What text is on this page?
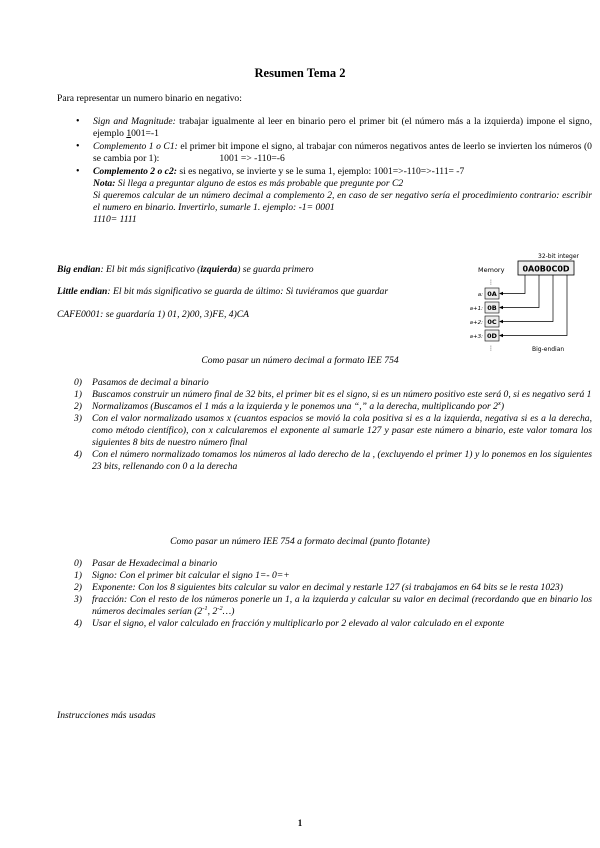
Resumen Tema 2
Para representar un numero binario en negativo:
• Sign and Magnitude: trabajar igualmente al leer en binario pero el primer bit (el número más a la izquierda) impone el signo, ejemplo 1001=-1
• Complemento 1 o C1: el primer bit impone el signo, al trabajar con números negativos antes de leerlo se invierten los números (0 se cambia por 1):	1001 => -110=-6
• Complemento 2 o c2: si es negativo, se invierte y se le suma 1, ejemplo: 1001=>-110=>-111= -7
Nota: Si llega a preguntar alguno de estos es más probable que pregunte por C2
Si queremos calcular de un número decimal a complemento 2, en caso de ser negativo sería el procedimiento contrario: escribir el numero en binario. Invertirlo, sumarle 1. ejemplo: -1= 0001
1110= 1111
Big endian: El bit más significativo (izquierda) se guarda primero
Little endian: El bit más significativo se guarda de último: Si tuviéramos que guardar
CAFE0001: se guardaría 1) 01, 2)00, 3)FE, 4)CA
32-bit integer
0A0B0C0D
Memory
⋮
0A
0B
0C
0D
a:
a+1:
a+2:
a+3:
⋮	Big-endian
Como pasar un número decimal a formato IEE 754
0) Pasamos de decimal a binario
1) Buscamos construir un número final de 32 bits, el primer bit es el signo, si es un número positivo este será 0, si es negativo será 1
2) Normalizamos (Buscamos el 1 más a la izquierda y le ponemos una “,” a la derecha, multiplicando por 2$^x$)
3) Con el valor normalizado usamos x (cuantos espacios se movió la cola positiva si es a la izquierda, negativa si es a la derecha, como método científico), con x calcularemos el exponente al sumarle 127 y pasar este número a binario, este valor tomara los siguientes 8 bits de nuestro número final
4) Con el número normalizado tomamos los números al lado derecho de la , (excluyendo el primer 1) y lo ponemos en los siguientes 23 bits, rellenando con 0 a la derecha
Como pasar un número IEE 754 a formato decimal (punto flotante)
0) Pasar de Hexadecimal a binario
1) Signo: Con el primer bit calcular el signo 1=- 0=+
2) Exponente: Con los 8 siguientes bits calcular su valor en decimal y restarle 127 (si trabajamos en 64 bits se le resta 1023)
3) fracción: Con el resto de los números ponerle un 1, a la izquierda y calcular su valor en decimal (recordando que en binario los números decimales serían ($2^{-1}$, $2^{-2}\dots$)
4) Usar el signo, el valor calculado en fracción y multiplicarlo por 2 elevado al valor calculado en el exponte
Instrucciones más usadas
1
